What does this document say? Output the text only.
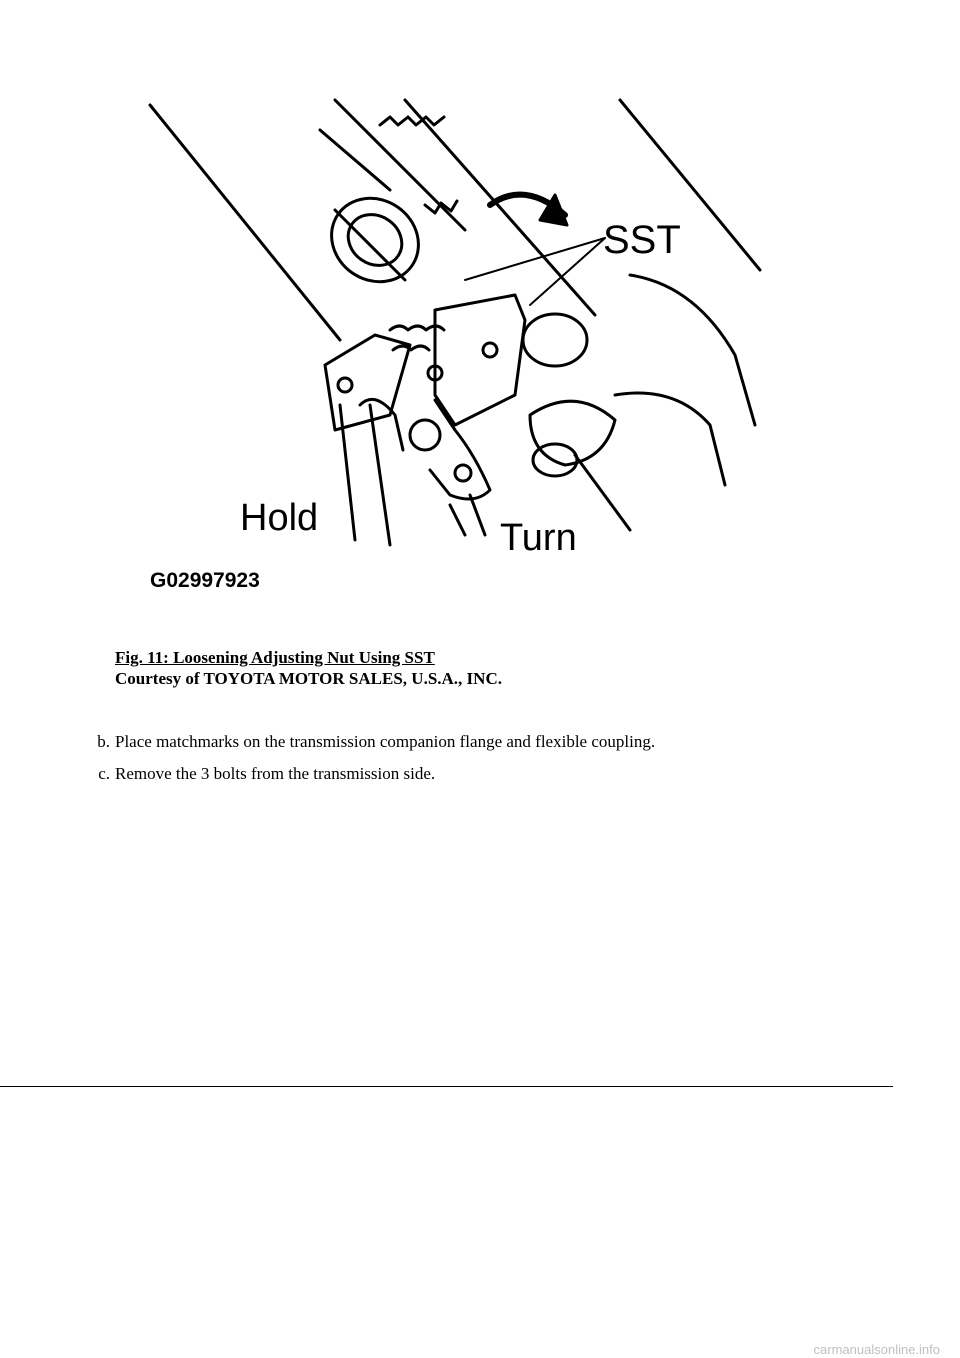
SST
Hold	Turn
G02997923
Fig. 11: Loosening Adjusting Nut Using SST
Courtesy of TOYOTA MOTOR SALES, U.S.A., INC.
b. Place matchmarks on the transmission companion flange and flexible coupling.
c. Remove the 3 bolts from the transmission side.
carmanualsonline.info
